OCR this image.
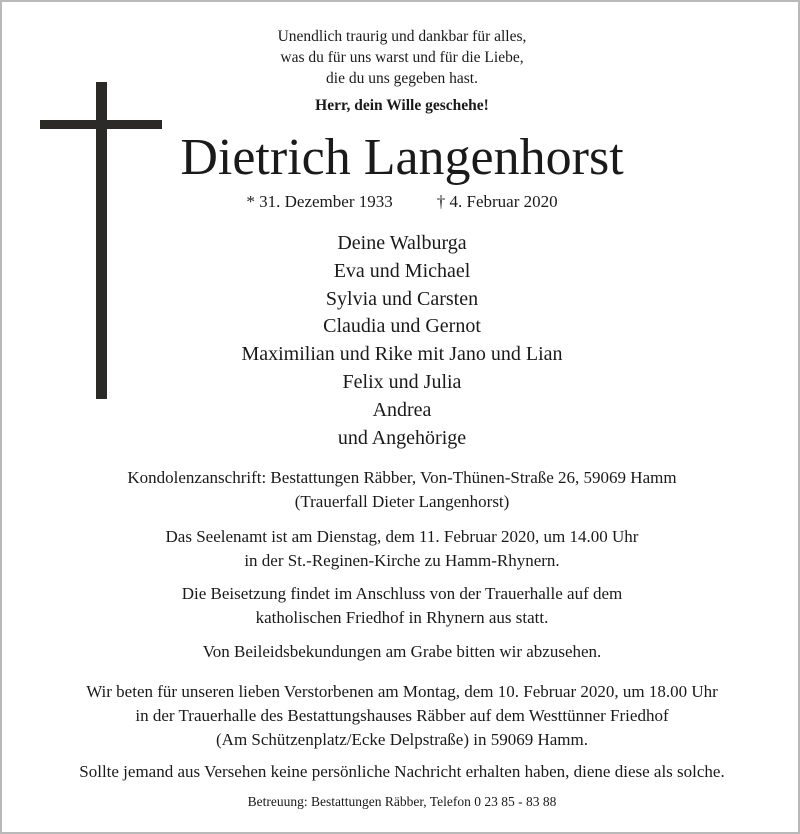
Unendlich traurig und dankbar für alles,
was du für uns warst und für die Liebe,
die du uns gegeben hast.
Herr, dein Wille geschehe!
Dietrich Langenhorst
* 31. Dezember 1933	† 4. Februar 2020
Deine Walburga
Eva und Michael
Sylvia und Carsten
Claudia und Gernot
Maximilian und Rike mit Jano und Lian
Felix und Julia
Andrea
und Angehörige
Kondolenzanschrift: Bestattungen Räbber, Von-Thünen-Straße 26, 59069 Hamm
(Trauerfall Dieter Langenhorst)
Das Seelenamt ist am Dienstag, dem 11. Februar 2020, um 14.00 Uhr
in der St.-Reginen-Kirche zu Hamm-Rhynern.
Die Beisetzung findet im Anschluss von der Trauerhalle auf dem
katholischen Friedhof in Rhynern aus statt.
Von Beileidsbekundungen am Grabe bitten wir abzusehen.
Wir beten für unseren lieben Verstorbenen am Montag, dem 10. Februar 2020, um 18.00 Uhr
in der Trauerhalle des Bestattungshauses Räbber auf dem Westtünner Friedhof
(Am Schützenplatz/Ecke Delpstraße) in 59069 Hamm.
Sollte jemand aus Versehen keine persönliche Nachricht erhalten haben, diene diese als solche.
Betreuung: Bestattungen Räbber, Telefon 0 23 85 - 83 88
